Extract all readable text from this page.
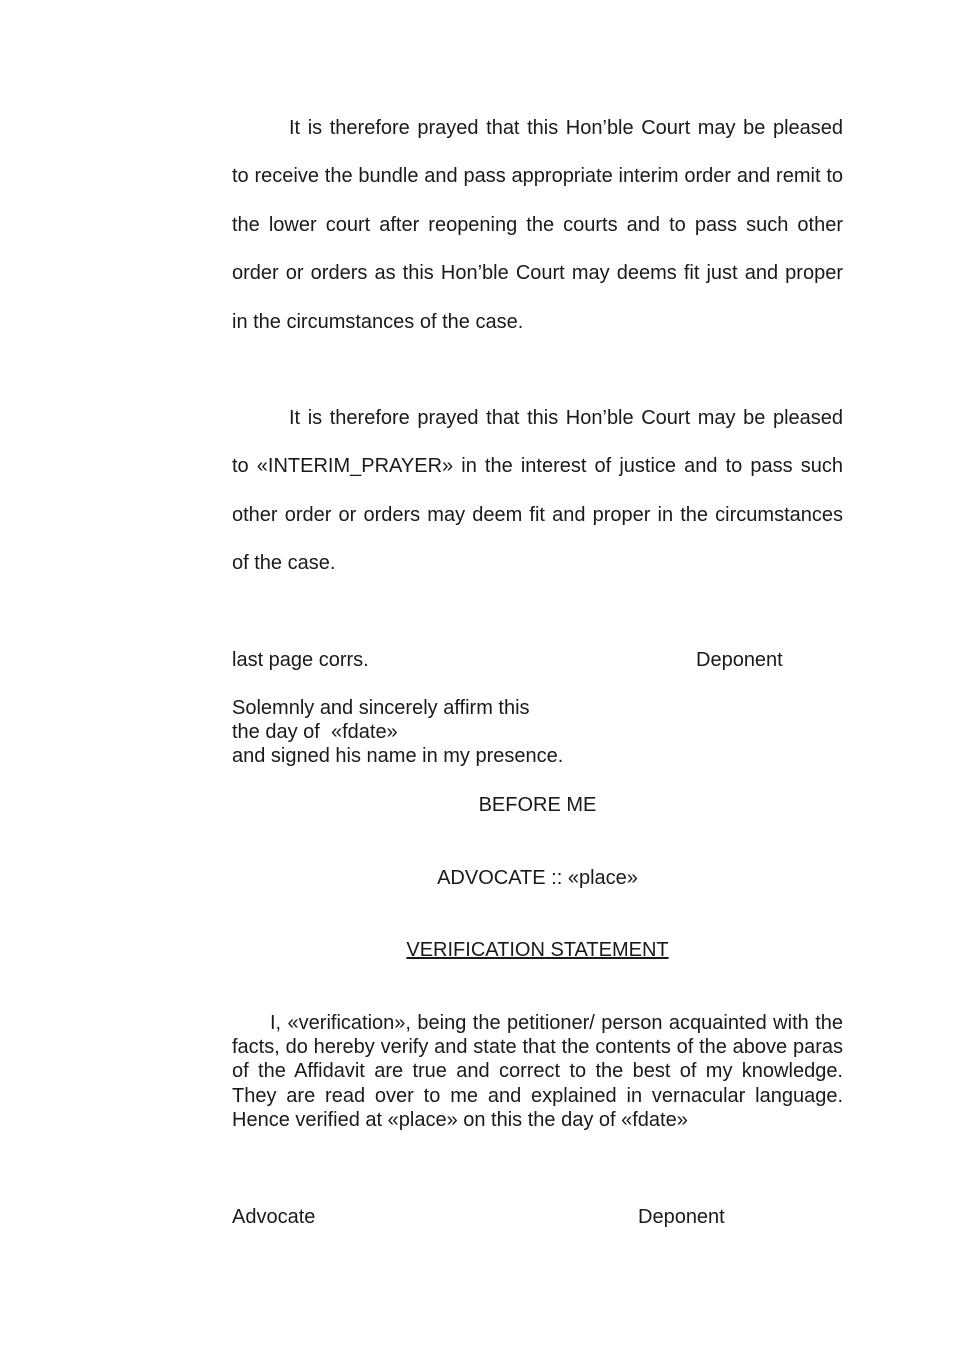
It is therefore prayed that this Hon’ble Court may be pleased to receive the bundle and pass appropriate interim order and remit to the lower court after reopening the courts and to pass such other order or orders as this Hon’ble Court may deems fit just and proper in the circumstances of the case.

It is therefore prayed that this Hon’ble Court may be pleased to «INTERIM_PRAYER» in the interest of justice and to pass such other order or orders may deem fit and proper in the circumstances of the case.

last page corrs.	Deponent

Solemnly and sincerely affirm this
the day of  «fdate»
and signed his name in my presence.

BEFORE ME

ADVOCATE :: «place»

VERIFICATION STATEMENT

I, «verification», being the petitioner/ person acquainted with the facts, do hereby verify and state that the contents of the above paras of the Affidavit are true and correct to the best of my knowledge. They are read over to me and explained in vernacular language. Hence verified at «place» on this the day of «fdate»

Advocate	Deponent
